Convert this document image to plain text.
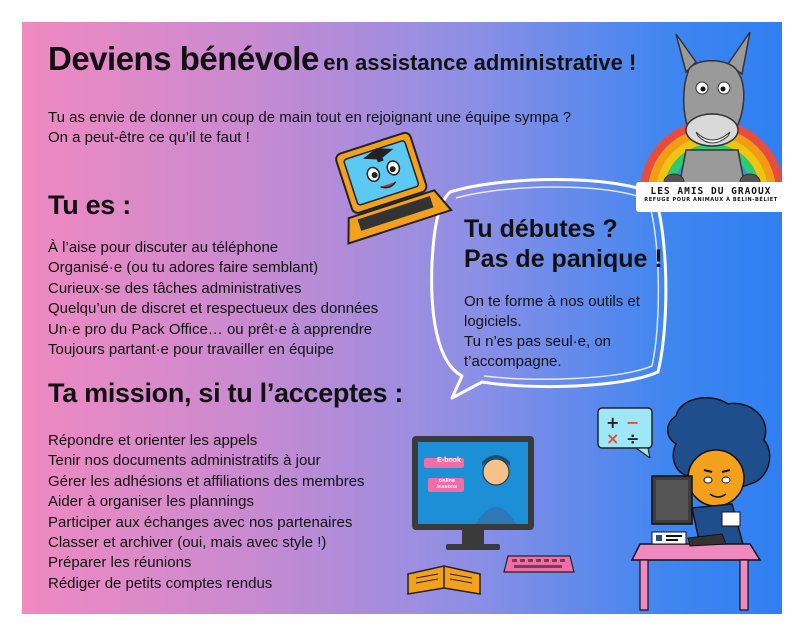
Deviens bénévole en assistance administrative !
Tu as envie de donner un coup de main tout en rejoignant une équipe sympa ?
On a peut-être ce qu’il te faut !
Tu es :
À l’aise pour discuter au téléphone
Organisé·e (ou tu adores faire semblant)
Curieux·se des tâches administratives
Quelqu’un de discret et respectueux des données
Un·e pro du Pack Office… ou prêt·e à apprendre
Toujours partant·e pour travailler en équipe
Ta mission, si tu l’acceptes :
Répondre et orienter les appels
Tenir nos documents administratifs à jour
Gérer les adhésions et affiliations des membres
Aider à organiser les plannings
Participer aux échanges avec nos partenaires
Classer et archiver (oui, mais avec style !)
Préparer les réunions
Rédiger de petits comptes rendus
Tu débutes ?
Pas de panique !
On te forme à nos outils et
logiciels.
Tu n’es pas seul·e, on
t’accompagne.
+ −
× ÷
E-book
online lessons
LES AMIS DU GRAOUX
REFUGE POUR ANIMAUX À BELIN-BÉLIET
